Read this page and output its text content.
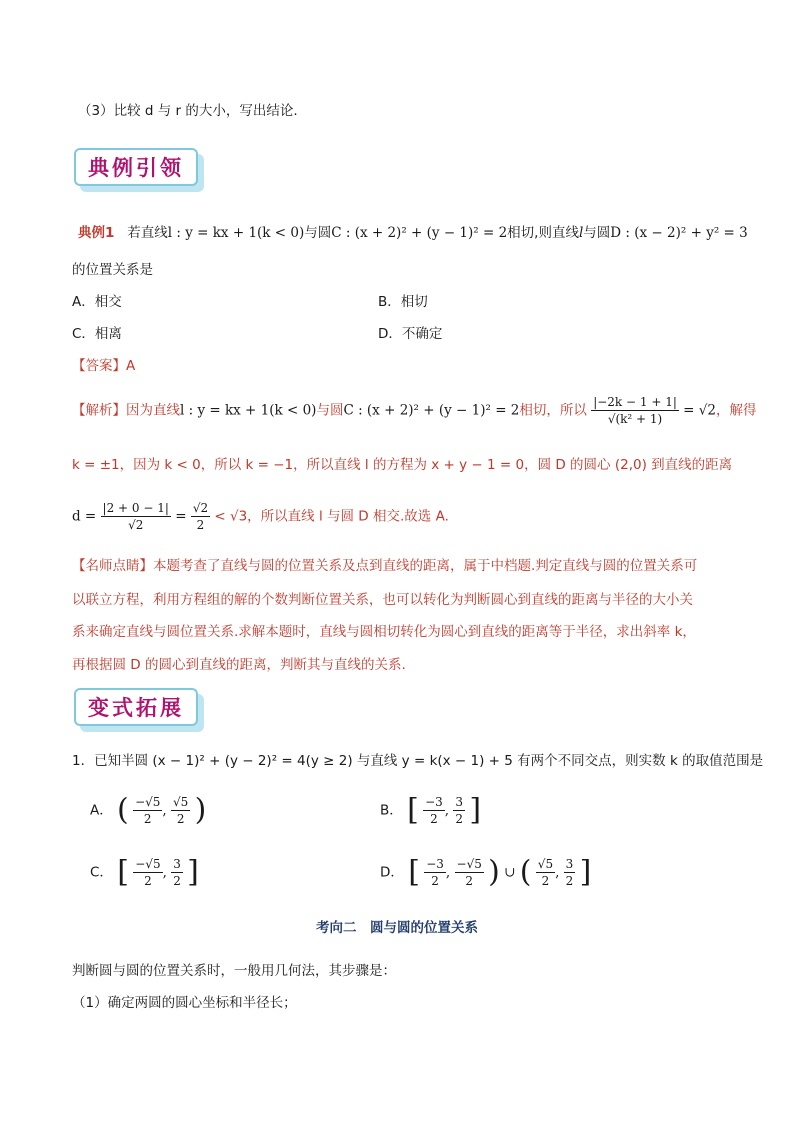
（3）比较 d 与 r 的大小，写出结论.
典例引领
典例1 若直线l : y = kx + 1(k < 0)与圆C : (x + 2)² + (y − 1)² = 2相切,则直线l与圆D : (x − 2)² + y² = 3
的位置关系是
A．相交	B．相切
C．相离	D．不确定
【答案】A
【解析】因为直线l : y = kx + 1(k < 0)与圆C : (x + 2)² + (y − 1)² = 2相切，所以 $\frac{|-2k - 1 + 1|}{\text{√(k² + 1)}} = √2$，解得
k = ±1，因为 k < 0，所以 k = −1，所以直线 l 的方程为 x + y − 1 = 0，圆 D 的圆心 (2,0) 到直线的距离
$d = \frac{|2 + 0 - 1|}{√2} = \frac{√2}{2} < √3$，所以直线 l 与圆 D 相交.故选 A.
【名师点睛】本题考查了直线与圆的位置关系及点到直线的距离，属于中档题.判定直线与圆的位置关系可
以联立方程，利用方程组的解的个数判断位置关系，也可以转化为判断圆心到直线的距离与半径的大小关
系来确定直线与圆位置关系.求解本题时，直线与圆相切转化为圆心到直线的距离等于半径，求出斜率 k，
再根据圆 D 的圆心到直线的距离，判断其与直线的关系.
变式拓展
1．已知半圆 (x − 1)² + (y − 2)² = 4(y ≥ 2) 与直线 y = k(x − 1) + 5 有两个不同交点，则实数 k 的取值范围是
A． ( $\frac{-√5}{2}$ , $\frac{√5}{2}$ )	B． [ $\frac{-3}{2}$ , $\frac{3}{2}$ ]
C． [ $\frac{-√5}{2}$ , $\frac{3}{2}$ ]	D． [ $\frac{-3}{2}$ , $\frac{-√5}{2}$ ) ∪ ( $\frac{√5}{2}$ , $\frac{3}{2}$ ]
考向二　圆与圆的位置关系
判断圆与圆的位置关系时，一般用几何法，其步骤是：
（1）确定两圆的圆心坐标和半径长；
